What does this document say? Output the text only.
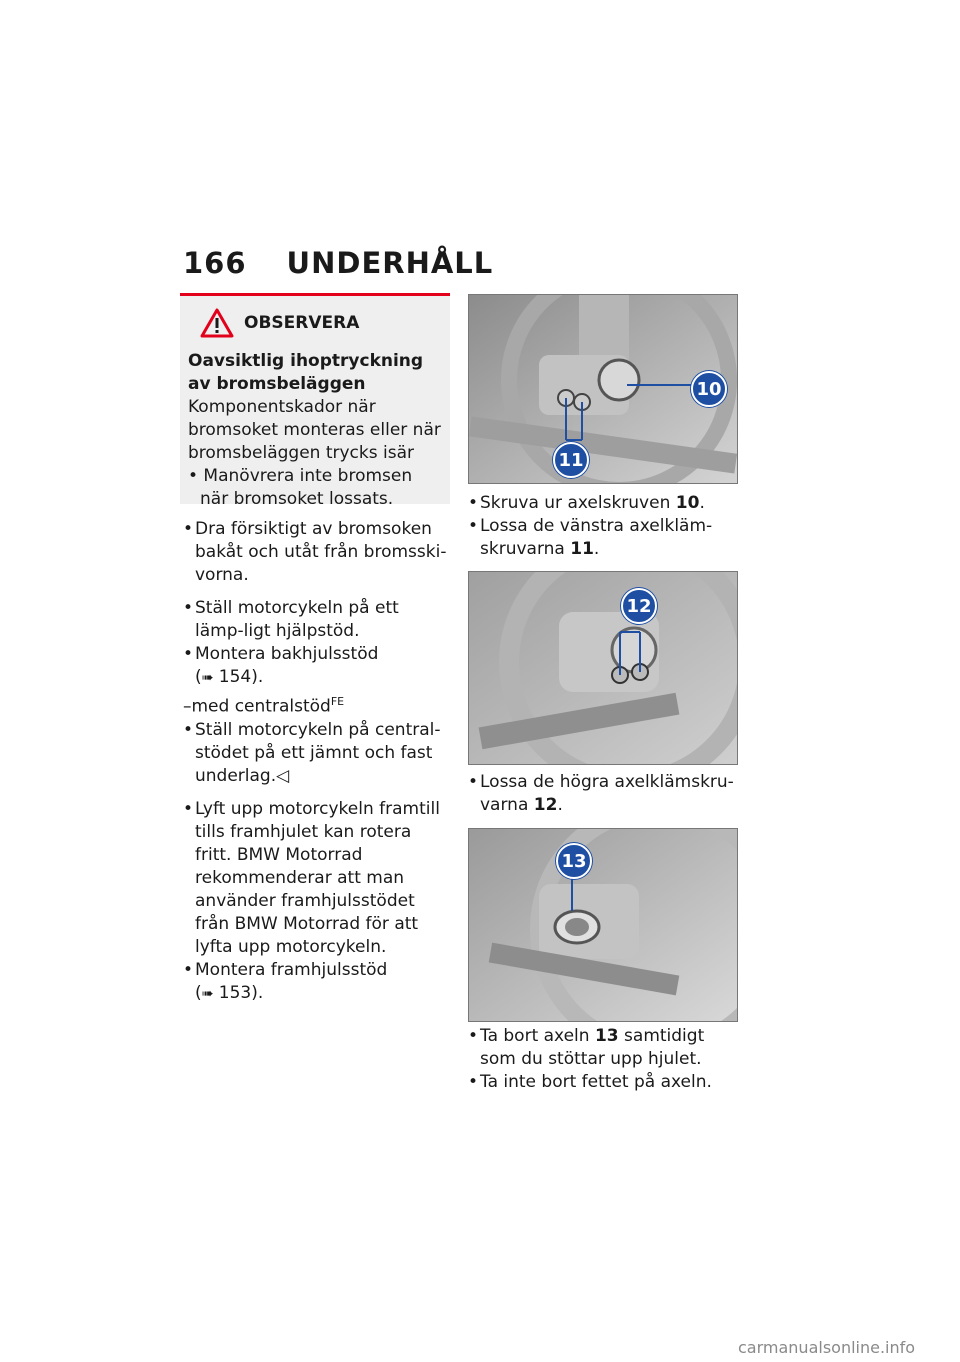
166 UNDERHÅLL
OBSERVERA
Oavsiktlig ihoptryckning av bromsbeläggen
Komponentskador när bromsoket monteras eller när bromsbeläggen trycks isär
• Manövrera inte bromsen när bromsoket lossats.
• Dra försiktigt av bromsoken bakåt och utåt från bromsski-vorna.
• Ställ motorcykeln på ett lämp-ligt hjälpstöd.
• Montera bakhjulsstöd
(➠ 154).
–med centralstöd$^{FE}$
• Ställ motorcykeln på central-stödet på ett jämnt och fast underlag.◁
• Lyft upp motorcykeln framtill tills framhjulet kan rotera fritt. BMW Motorrad rekommenderar att man använder framhjulsstödet från BMW Motorrad för att lyfta upp motorcykeln.
• Montera framhjulsstöd
(➠ 153).
10
11
• Skruva ur axelskruven 10.
• Lossa de vänstra axelkläm-skruvarna 11.
12
• Lossa de högra axelklämskru-varna 12.
13
• Ta bort axeln 13 samtidigt som du stöttar upp hjulet.
• Ta inte bort fettet på axeln.
carmanualsonline.info
